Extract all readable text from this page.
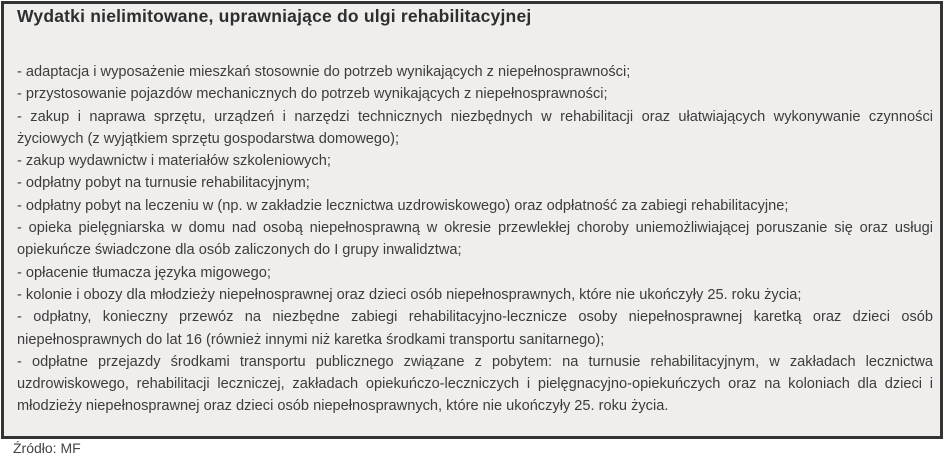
Wydatki nielimitowane, uprawniające do ulgi rehabilitacyjnej
- adaptacja i wyposażenie mieszkań stosownie do potrzeb wynikających z niepełnosprawności;
- przystosowanie pojazdów mechanicznych do potrzeb wynikających z niepełnosprawności;
- zakup i naprawa sprzętu, urządzeń i narzędzi technicznych niezbędnych w rehabilitacji oraz ułatwiających wykonywanie czynności życiowych (z wyjątkiem sprzętu gospodarstwa domowego);
- zakup wydawnictw i materiałów szkoleniowych;
- odpłatny pobyt na turnusie rehabilitacyjnym;
- odpłatny pobyt na leczeniu w (np. w zakładzie lecznictwa uzdrowiskowego) oraz odpłatność za zabiegi rehabilitacyjne;
- opieka pielęgniarska w domu nad osobą niepełnosprawną w okresie przewlekłej choroby uniemożliwiającej poruszanie się oraz usługi opiekuńcze świadczone dla osób zaliczonych do I grupy inwalidztwa;
- opłacenie tłumacza języka migowego;
- kolonie i obozy dla młodzieży niepełnosprawnej oraz dzieci osób niepełnosprawnych, które nie ukończyły 25. roku życia;
- odpłatny, konieczny przewóz na niezbędne zabiegi rehabilitacyjno-lecznicze osoby niepełnosprawnej karetką oraz dzieci osób niepełnosprawnych do lat 16 (również innymi niż karetka środkami transportu sanitarnego);
- odpłatne przejazdy środkami transportu publicznego związane z pobytem: na turnusie rehabilitacyjnym, w zakładach lecznictwa uzdrowiskowego, rehabilitacji leczniczej, zakładach opiekuńczo-leczniczych i pielęgnacyjno-opiekuńczych oraz na koloniach dla dzieci i młodzieży niepełnosprawnej oraz dzieci osób niepełnosprawnych, które nie ukończyły 25. roku życia.
Źródło: MF
